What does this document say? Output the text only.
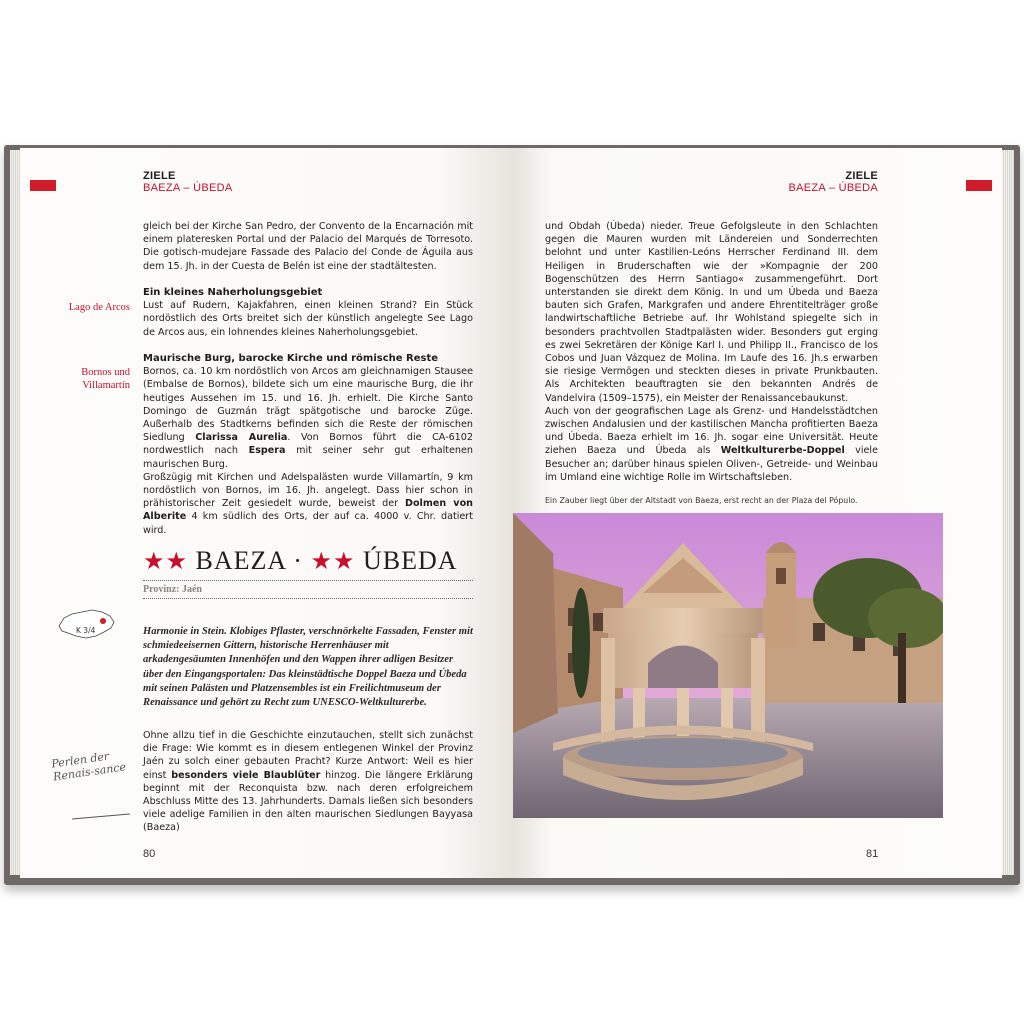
ZIELE
BAEZA – ÚBEDA

gleich bei der Kirche San Pedro, der Convento de la Encarnación mit einem plateresken Portal und der Palacio del Marqués de Torresoto. Die gotisch-mudejare Fassade des Palacio del Conde de Águila aus dem 15. Jh. in der Cuesta de Belén ist eine der stadtältesten.

Lago de Arcos

Ein kleines Naherholungsgebiet

Lust auf Rudern, Kajakfahren, einen kleinen Strand? Ein Stück nordöstlich des Orts breitet sich der künstlich angelegte See Lago de Arcos aus, ein lohnendes kleines Naherholungsgebiet.

Bornos und Villamartín

Maurische Burg, barocke Kirche und römische Reste

Bornos, ca. 10 km nordöstlich von Arcos am gleichnamigen Stausee (Embalse de Bornos), bildete sich um eine maurische Burg, die ihr heutiges Aussehen im 15. und 16. Jh. erhielt. Die Kirche Santo Domingo de Guzmán trägt spätgotische und barocke Züge. Außerhalb des Stadtkerns befinden sich die Reste der römischen Siedlung Clarissa Aurelia. Von Bornos führt die CA-6102 nordwestlich nach Espera mit seiner sehr gut erhaltenen maurischen Burg.

Großzügig mit Kirchen und Adelspalästen wurde Villamartín, 9 km nordöstlich von Bornos, im 16. Jh. angelegt. Dass hier schon in prähistorischer Zeit gesiedelt wurde, beweist der Dolmen von Alberite 4 km südlich des Orts, der auf ca. 4000 v. Chr. datiert wird.

★★ BAEZA · ★★ ÚBEDA
Provinz: Jaén
K 3/4	Harmonie in Stein. Klobiges Pflaster, verschnörkelte Fassaden, Fenster mit schmiedeeisernen Gittern, historische Herrenhäuser mit arkadengesäumten Innenhöfen und den Wappen ihrer adligen Besitzer über den Eingangsportalen: Das kleinstädtische Doppel Baeza und Úbeda mit seinen Palästen und Platzensembles ist ein Freilichtmuseum der Renaissance und gehört zu Recht zum UNESCO-Weltkulturerbe.
Perlen der Renais-sance

Ohne allzu tief in die Geschichte einzutauchen, stellt sich zunächst die Frage: Wie kommt es in diesem entlegenen Winkel der Provinz Jaén zu solch einer gebauten Pracht? Kurze Antwort: Weil es hier einst besonders viele Blaublüter hinzog. Die längere Erklärung beginnt mit der Reconquista bzw. nach deren erfolgreichem Abschluss Mitte des 13. Jahrhunderts. Damals ließen sich besonders viele adelige Familien in den alten maurischen Siedlungen Bayyasa (Baeza)

80
ZIELE
BAEZA – ÚBEDA

und Obdah (Úbeda) nieder. Treue Gefolgsleute in den Schlachten gegen die Mauren wurden mit Ländereien und Sonderrechten belohnt und unter Kastilien-Leóns Herrscher Ferdinand III. dem Heiligen in Bruderschaften wie der »Kompagnie der 200 Bogenschützen des Herrn Santiago« zusammengeführt. Dort unterstanden sie direkt dem König. In und um Úbeda und Baeza bauten sich Grafen, Markgrafen und andere Ehrentitelträger große landwirtschaftliche Betriebe auf. Ihr Wohlstand spiegelte sich in besonders prachtvollen Stadtpalästen wider. Besonders gut erging es zwei Sekretären der Könige Karl I. und Philipp II., Francisco de los Cobos und Juan Vázquez de Molina. Im Laufe des 16. Jh.s erwarben sie riesige Vermögen und steckten dieses in private Prunkbauten. Als Architekten beauftragten sie den bekannten Andrés de Vandelvira (1509–1575), ein Meister der Renaissancebaukunst.

Auch von der geografischen Lage als Grenz- und Handelsstädtchen zwischen Andalusien und der kastilischen Mancha profitierten Baeza und Úbeda. Baeza erhielt im 16. Jh. sogar eine Universität. Heute ziehen Baeza und Úbeda als Weltkulturerbe-Doppel viele Besucher an; darüber hinaus spielen Oliven-, Getreide- und Weinbau im Umland eine wichtige Rolle im Wirtschaftsleben.

Ein Zauber liegt über der Altstadt von Baeza, erst recht an der Plaza del Pópulo.
81
